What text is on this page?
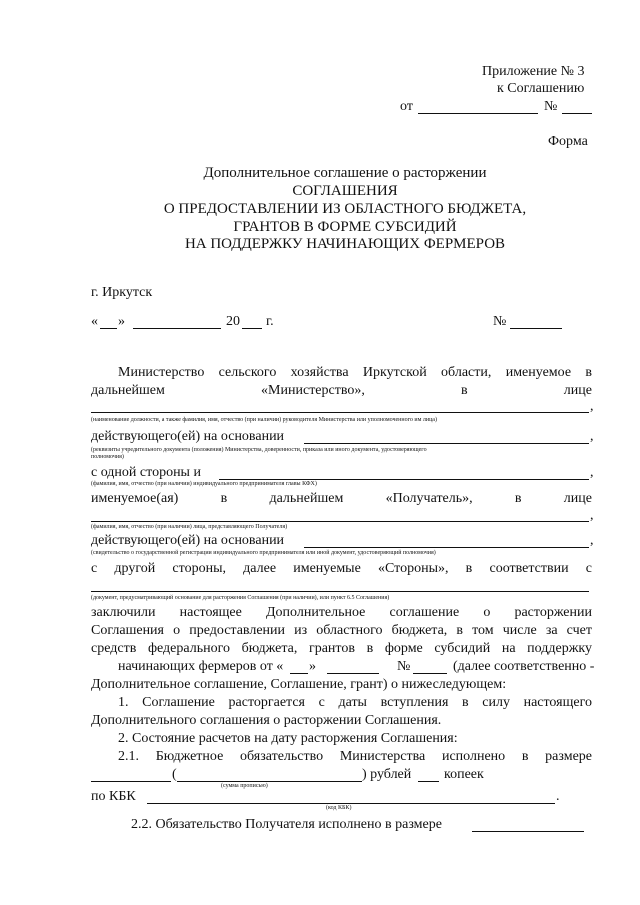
Приложение № 3
к Соглашению
от	№
Форма
Дополнительное соглашение о расторжении
СОГЛАШЕНИЯ
О ПРЕДОСТАВЛЕНИИ ИЗ ОБЛАСТНОГО БЮДЖЕТА,
ГРАНТОВ В ФОРМЕ СУБСИДИЙ
НА ПОДДЕРЖКУ НАЧИНАЮЩИХ ФЕРМЕРОВ
г. Иркутск
« »	20 г.	№
Министерство сельского хозяйства Иркутской области, именуемое в
дальнейшем «Министерство», в лице
,
(наименование должности, а также фамилия, имя, отчество (при наличии) руководителя Министерства или уполномоченного им лица)
действующего(ей) на основании	,
(реквизиты учредительного документа (положения) Министерства, доверенности, приказа или иного документа, удостоверяющего
полномочия)
с одной стороны и	,
(фамилия, имя, отчество (при наличии) индивидуального предпринимателя главы КФХ)
именуемое(ая) в дальнейшем «Получатель», в лице
,
(фамилия, имя, отчество (при наличии) лица, представляющего Получателя)
действующего(ей) на основании	,
(свидетельство о государственной регистрации индивидуального предпринимателя или иной документ, удостоверяющий полномочия)
с другой стороны, далее именуемые «Стороны», в соответствии с
(документ, предусматривающий основание для расторжения Соглашения (при наличии), или пункт 6.5 Соглашения)
заключили настоящее Дополнительное соглашение о расторжении
Соглашения о предоставлении из областного бюджета, в том числе за счет
средств федерального бюджета, грантов в форме субсидий на поддержку
начинающих фермеров от « »	№	(далее соответственно -
Дополнительное соглашение, Соглашение, грант) о нижеследующем:
1. Соглашение расторгается с даты вступления в силу настоящего
Дополнительного соглашения о расторжении Соглашения.
2. Состояние расчетов на дату расторжения Соглашения:
2.1. Бюджетное обязательство Министерства исполнено в размере
(	) рублей копеек
(сумма прописью)
по КБК	.
(код КБК)
2.2. Обязательство Получателя исполнено в размере
